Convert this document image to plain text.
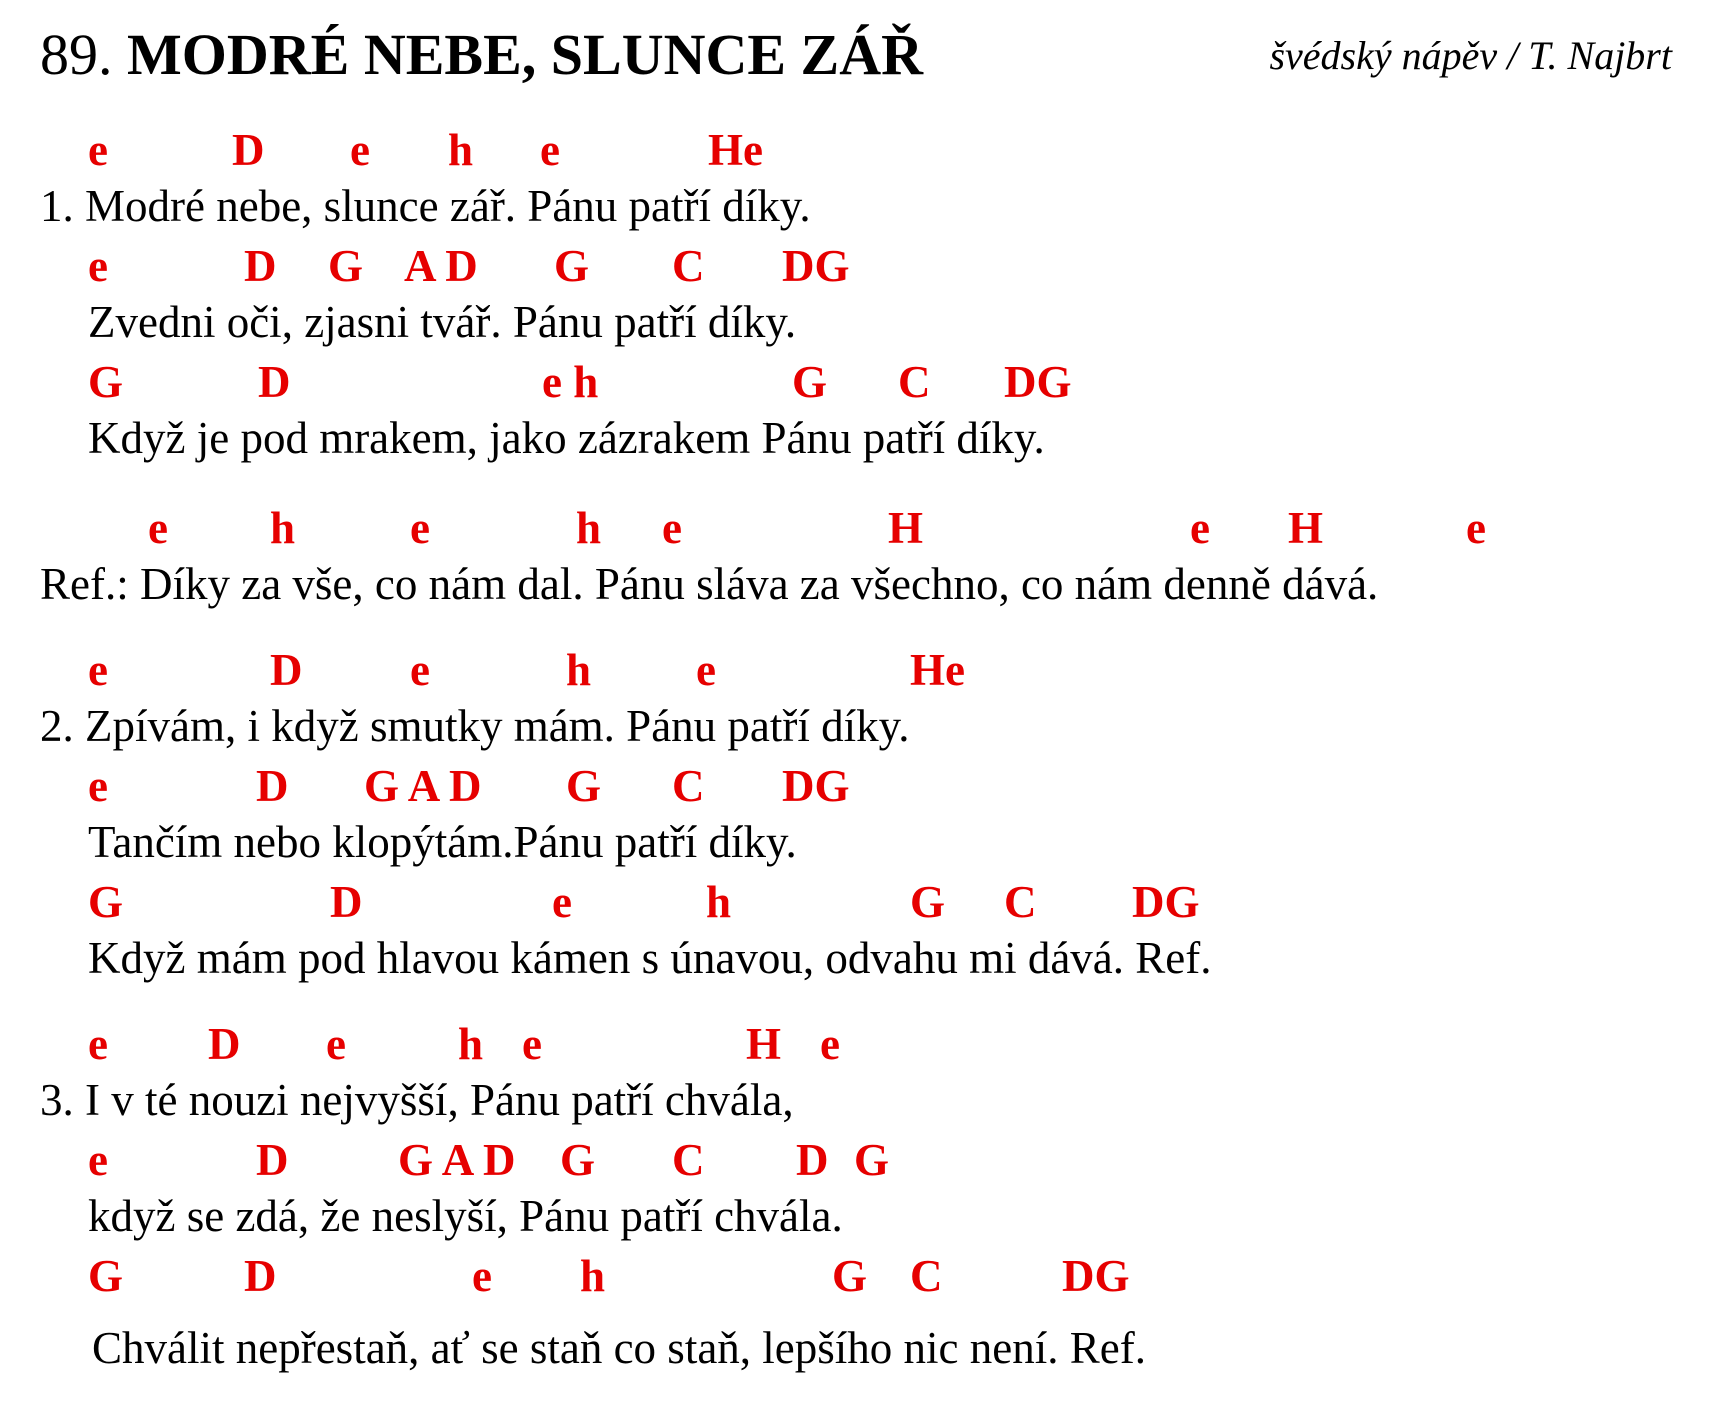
89. MODRÉ NEBE, SLUNCE ZÁŘ	švédský nápěv / T. Najbrt
e	D e h e	He
1. Modré nebe, slunce zář. Pánu patří díky.
e	D G A D G C DG
Zvedni oči, zjasni tvář. Pánu patří díky.
G	D	e h	G C DG
Když je pod mrakem, jako zázrakem Pánu patří díky.
e h	e	h e	H	e H	e
Ref.: Díky za vše, co nám dal. Pánu sláva za všechno, co nám denně dává.
e	D e	h e	He
2. Zpívám, i když smutky mám. Pánu patří díky.
e	D G A D G C DG
Tančím nebo klopýtám.Pánu patří díky.
G	D	e	h	G C DG
Když mám pod hlavou kámen s únavou, odvahu mi dává. Ref.
e D e h e	H e
3. I v té nouzi nejvyšší, Pánu patří chvála,
e	D G A D G C D G
když se zdá, že neslyší, Pánu patří chvála.
G	D	e h	G C	DG
Chválit nepřestaň, ať se staň co staň, lepšího nic není. Ref.
